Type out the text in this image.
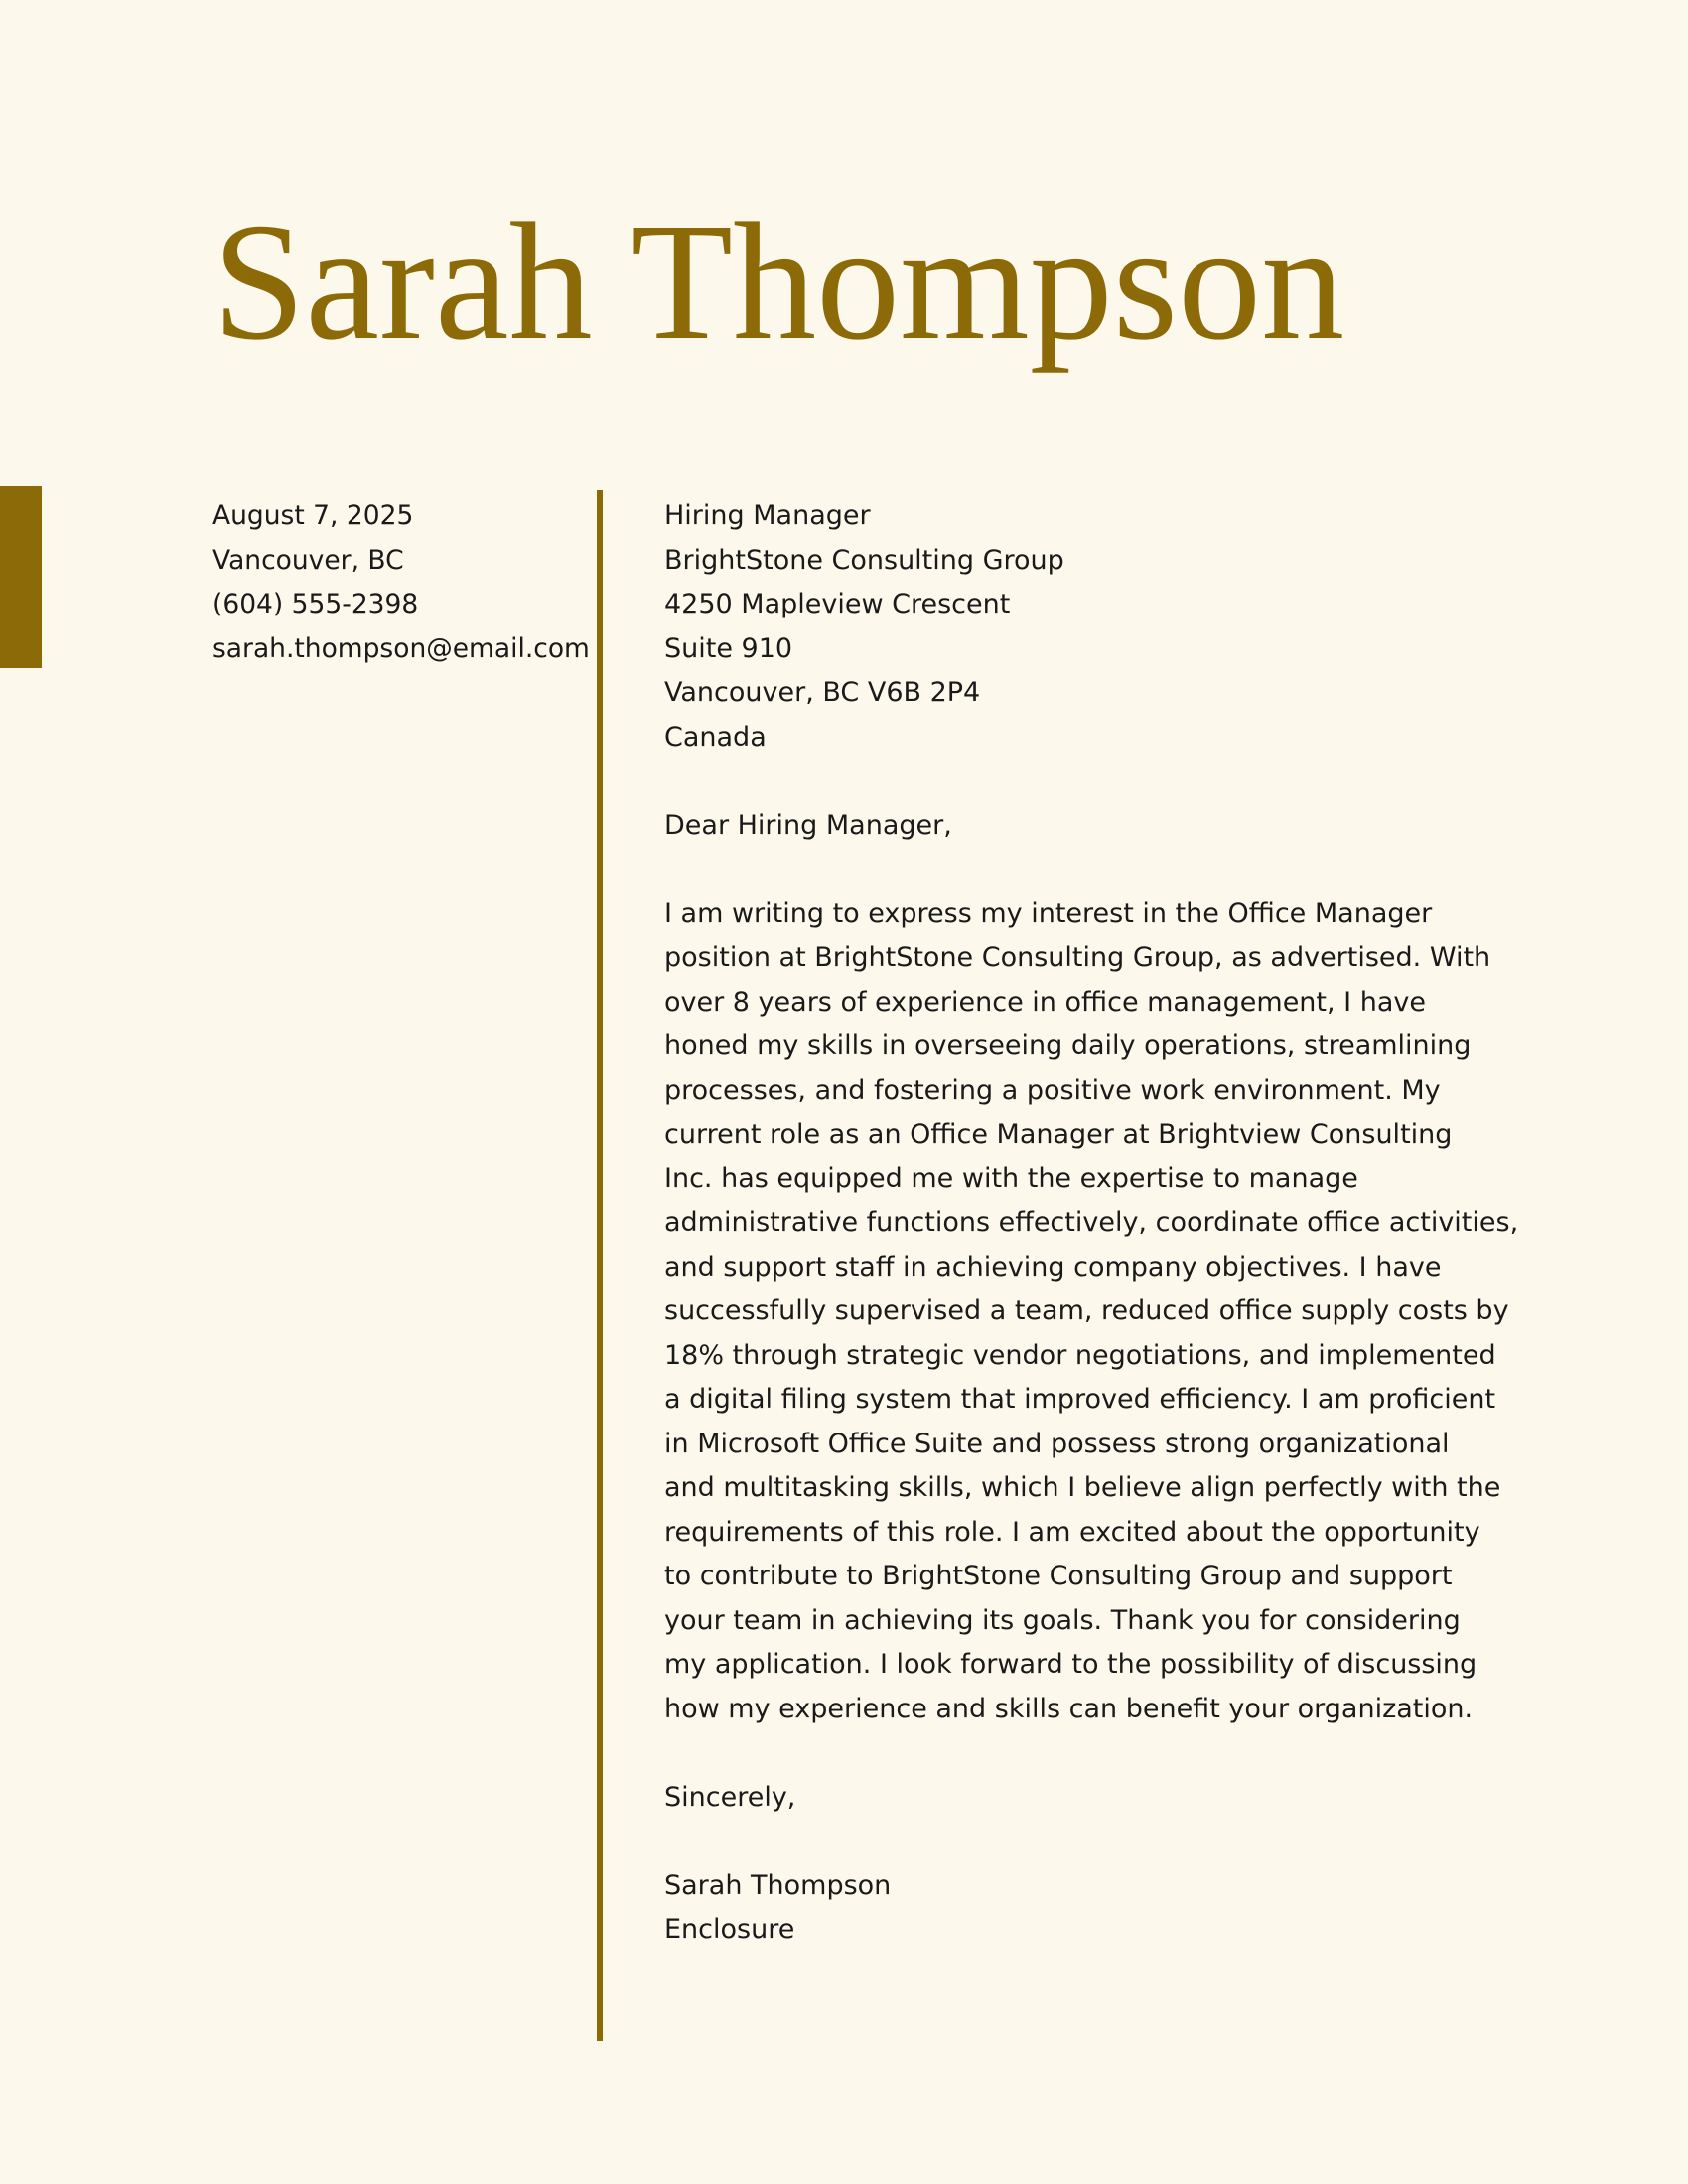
Sarah Thompson
August 7, 2025
Vancouver, BC
(604) 555-2398
sarah.thompson@email.com
Hiring Manager
BrightStone Consulting Group
4250 Mapleview Crescent
Suite 910
Vancouver, BC V6B 2P4
Canada
Dear Hiring Manager,
I am writing to express my interest in the Office Manager
position at BrightStone Consulting Group, as advertised. With
over 8 years of experience in office management, I have
honed my skills in overseeing daily operations, streamlining
processes, and fostering a positive work environment. My
current role as an Office Manager at Brightview Consulting
Inc. has equipped me with the expertise to manage
administrative functions effectively, coordinate office activities,
and support staff in achieving company objectives. I have
successfully supervised a team, reduced office supply costs by
18% through strategic vendor negotiations, and implemented
a digital filing system that improved efficiency. I am proficient
in Microsoft Office Suite and possess strong organizational
and multitasking skills, which I believe align perfectly with the
requirements of this role. I am excited about the opportunity
to contribute to BrightStone Consulting Group and support
your team in achieving its goals. Thank you for considering
my application. I look forward to the possibility of discussing
how my experience and skills can benefit your organization.
Sincerely,
Sarah Thompson
Enclosure
